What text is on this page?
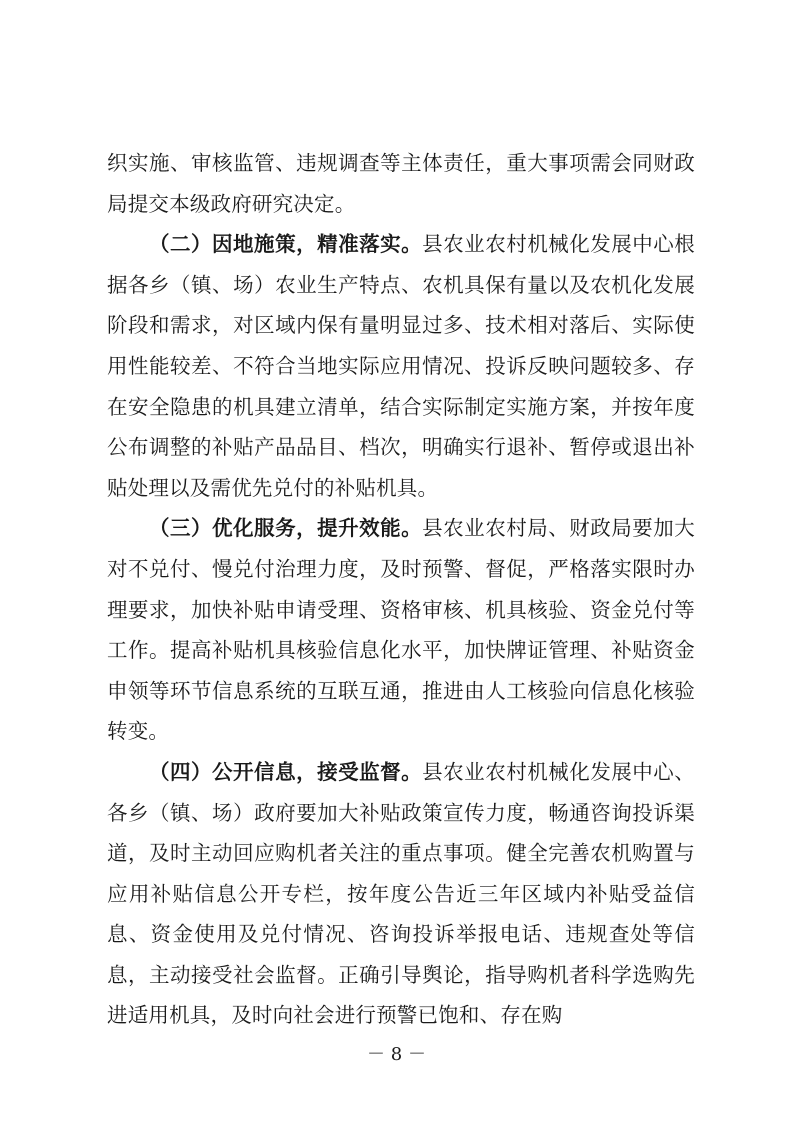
织实施、审核监管、违规调查等主体责任，重大事项需会同财政局提交本级政府研究决定。

（二）因地施策，精准落实。县农业农村机械化发展中心根据各乡（镇、场）农业生产特点、农机具保有量以及农机化发展阶段和需求，对区域内保有量明显过多、技术相对落后、实际使用性能较差、不符合当地实际应用情况、投诉反映问题较多、存在安全隐患的机具建立清单，结合实际制定实施方案，并按年度公布调整的补贴产品品目、档次，明确实行退补、暂停或退出补贴处理以及需优先兑付的补贴机具。

（三）优化服务，提升效能。县农业农村局、财政局要加大对不兑付、慢兑付治理力度，及时预警、督促，严格落实限时办理要求，加快补贴申请受理、资格审核、机具核验、资金兑付等工作。提高补贴机具核验信息化水平，加快牌证管理、补贴资金申领等环节信息系统的互联互通，推进由人工核验向信息化核验转变。

（四）公开信息，接受监督。县农业农村机械化发展中心、各乡（镇、场）政府要加大补贴政策宣传力度，畅通咨询投诉渠道，及时主动回应购机者关注的重点事项。健全完善农机购置与应用补贴信息公开专栏，按年度公告近三年区域内补贴受益信息、资金使用及兑付情况、咨询投诉举报电话、违规查处等信息，主动接受社会监督。正确引导舆论，指导购机者科学选购先进适用机具，及时向社会进行预警已饱和、存在购

－ 8 －
